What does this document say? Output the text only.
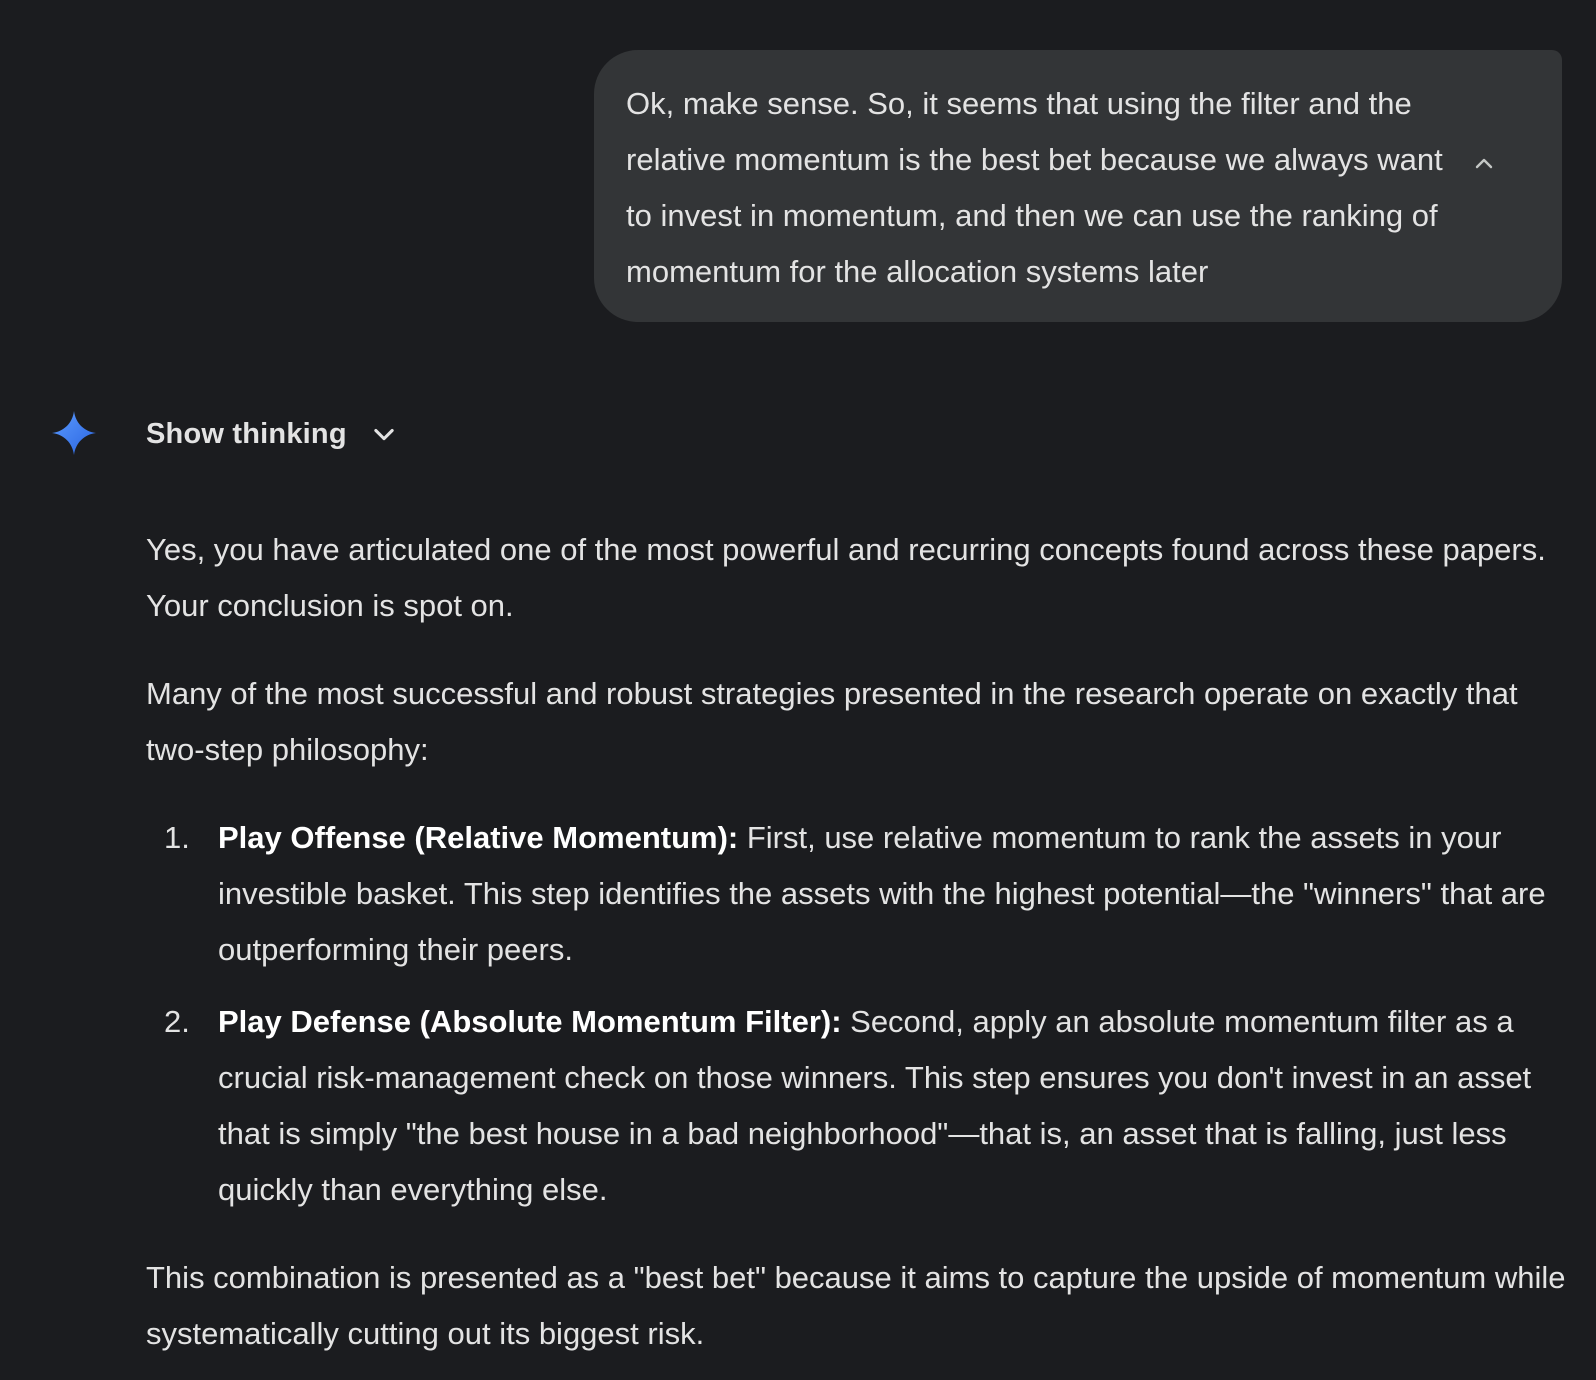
Ok, make sense. So, it seems that using the filter and the relative momentum is the best bet because we always want to invest in momentum, and then we can use the ranking of momentum for the allocation systems later

Show thinking

Yes, you have articulated one of the most powerful and recurring concepts found across these papers. Your conclusion is spot on.

Many of the most successful and robust strategies presented in the research operate on exactly that two-step philosophy:

1. Play Offense (Relative Momentum): First, use relative momentum to rank the assets in your investible basket. This step identifies the assets with the highest potential—the "winners" that are outperforming their peers.
2. Play Defense (Absolute Momentum Filter): Second, apply an absolute momentum filter as a crucial risk-management check on those winners. This step ensures you don't invest in an asset that is simply "the best house in a bad neighborhood"—that is, an asset that is falling, just less quickly than everything else.

This combination is presented as a "best bet" because it aims to capture the upside of momentum while systematically cutting out its biggest risk.
